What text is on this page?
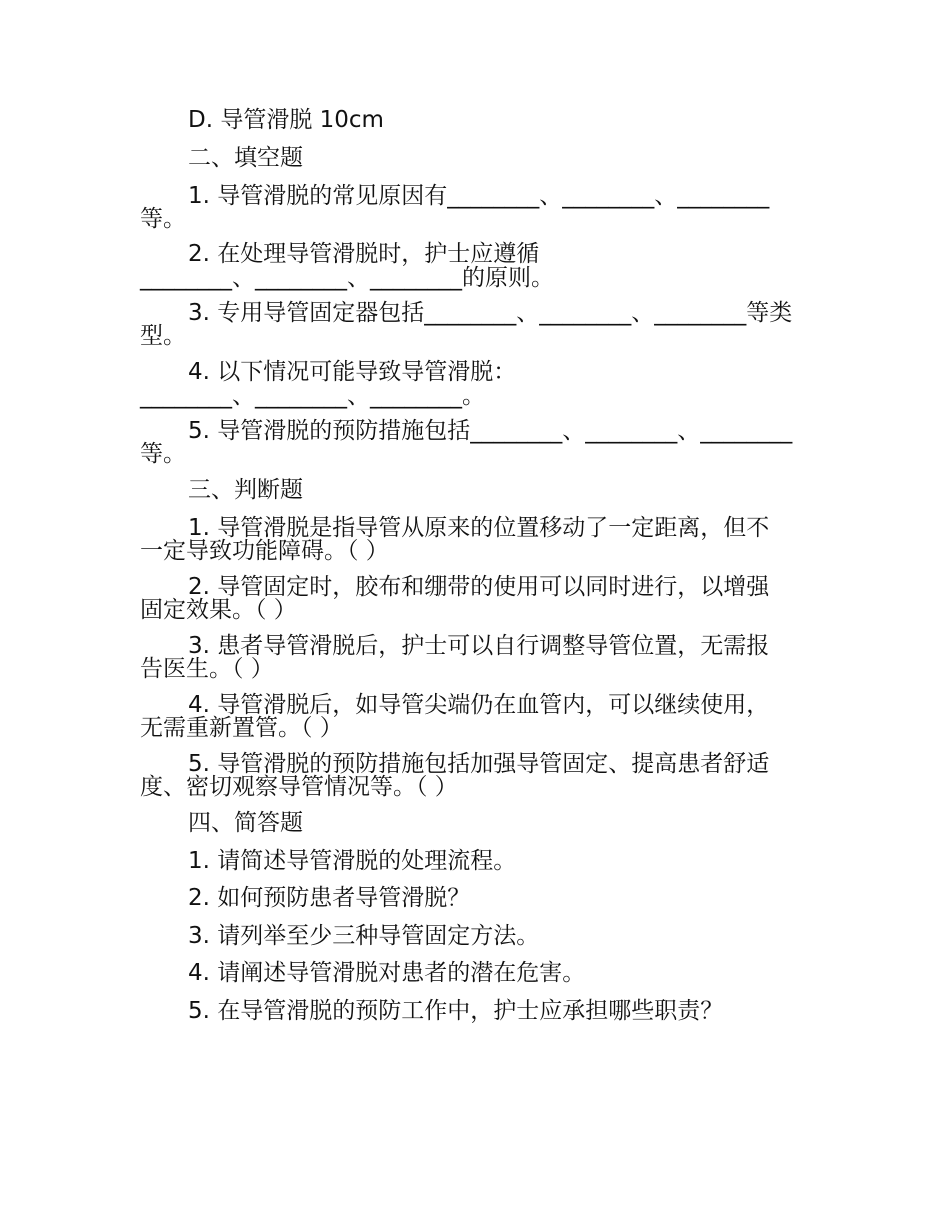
D. 导管滑脱 10cm
二、填空题
1. 导管滑脱的常见原因有________、________、________
等。
2. 在处理导管滑脱时，护士应遵循
________、________、________的原则。
3. 专用导管固定器包括________、________、________等类
型。
4. 以下情况可能导致导管滑脱：
________、________、________。
5. 导管滑脱的预防措施包括________、________、________
等。
三、判断题
1. 导管滑脱是指导管从原来的位置移动了一定距离，但不
一定导致功能障碍。（ ）
2. 导管固定时，胶布和绷带的使用可以同时进行，以增强
固定效果。（ ）
3. 患者导管滑脱后，护士可以自行调整导管位置，无需报
告医生。（ ）
4. 导管滑脱后，如导管尖端仍在血管内，可以继续使用，
无需重新置管。（ ）
5. 导管滑脱的预防措施包括加强导管固定、提高患者舒适
度、密切观察导管情况等。（ ）
四、简答题
1. 请简述导管滑脱的处理流程。
2. 如何预防患者导管滑脱？
3. 请列举至少三种导管固定方法。
4. 请阐述导管滑脱对患者的潜在危害。
5. 在导管滑脱的预防工作中，护士应承担哪些职责？
